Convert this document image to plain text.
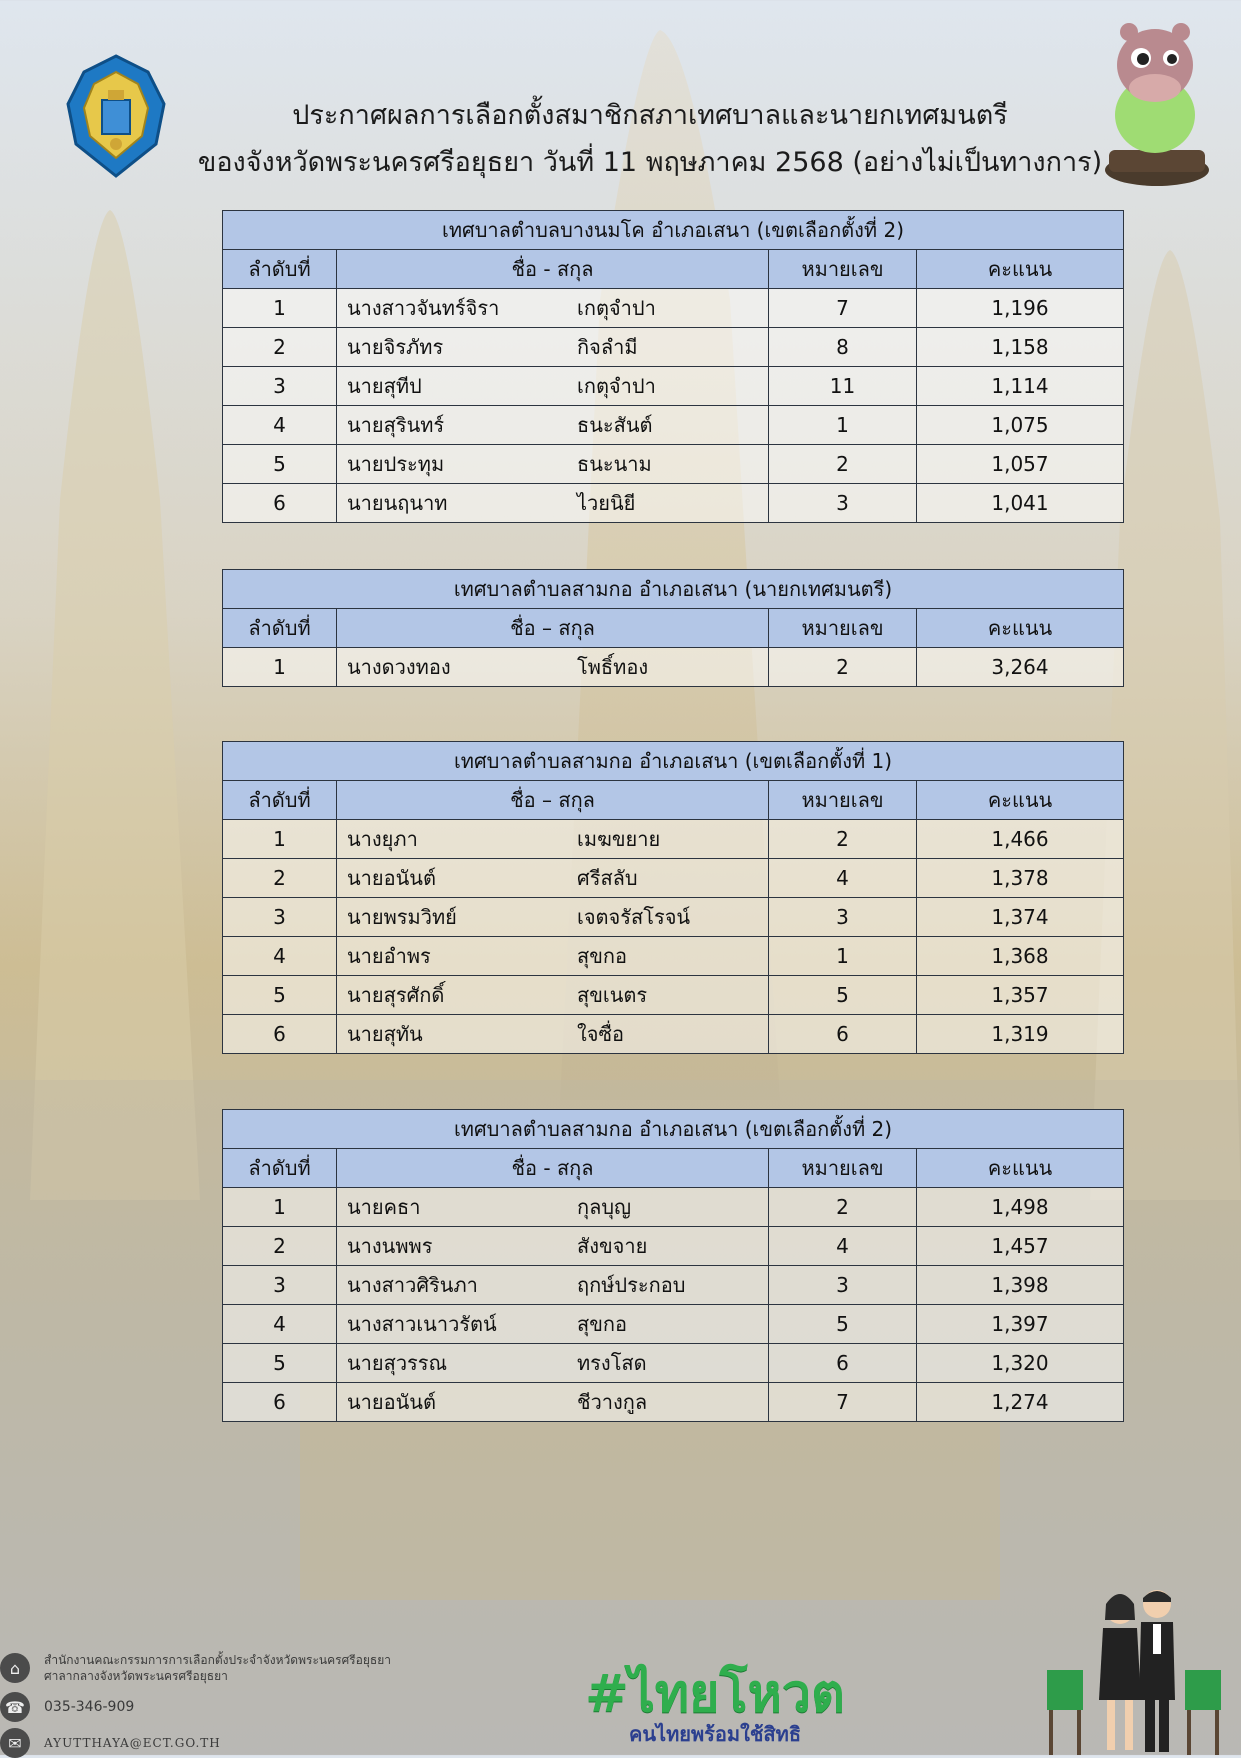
ประกาศผลการเลือกตั้งสมาชิกสภาเทศบาลและนายกเทศมนตรี
ของจังหวัดพระนครศรีอยุธยา วันที่ 11 พฤษภาคม 2568 (อย่างไม่เป็นทางการ)
เทศบาลตำบลบางนมโค อำเภอเสนา (เขตเลือกตั้งที่ 2)			
ลำดับที่	ชื่อ - สกุล	หมายเลข	คะแนน
1	นางสาวจันทร์จิรา เกตุจำปา	7	1,196
2	นายจิรภัทร กิจลำมี	8	1,158
3	นายสุทีป เกตุจำปา	11	1,114
4	นายสุรินทร์ ธนะสันต์	1	1,075
5	นายประทุม ธนะนาม	2	1,057
6	นายนฤนาท ไวยนิยี	3	1,041
เทศบาลตำบลสามกอ อำเภอเสนา (นายกเทศมนตรี)			
ลำดับที่	ชื่อ – สกุล	หมายเลข	คะแนน
1	นางดวงทอง โพธิ์ทอง	2	3,264
เทศบาลตำบลสามกอ อำเภอเสนา (เขตเลือกตั้งที่ 1)			
ลำดับที่	ชื่อ – สกุล	หมายเลข	คะแนน
1	นางยุภา เมฆขยาย	2	1,466
2	นายอนันต์ ศรีสลับ	4	1,378
3	นายพรมวิทย์ เจตจรัสโรจน์	3	1,374
4	นายอำพร สุขกอ	1	1,368
5	นายสุรศักดิ์ สุขเนตร	5	1,357
6	นายสุทัน ใจซื่อ	6	1,319
เทศบาลตำบลสามกอ อำเภอเสนา (เขตเลือกตั้งที่ 2)			
ลำดับที่	ชื่อ - สกุล	หมายเลข	คะแนน
1	นายคธา กุลบุญ	2	1,498
2	นางนพพร สังขจาย	4	1,457
3	นางสาวศิรินภา ฤกษ์ประกอบ	3	1,398
4	นางสาวเนาวรัตน์ สุขกอ	5	1,397
5	นายสุวรรณ ทรงโสด	6	1,320
6	นายอนันต์ ชีวางกูล	7	1,274
⌂	สำนักงานคณะกรรมการการเลือกตั้งประจำจังหวัดพระนครศรีอยุธยา
ศาลากลางจังหวัดพระนครศรีอยุธยา
☎	035-346-909
✉	AYUTTHAYA@ECT.GO.TH
#ไทยโหวต
คนไทยพร้อมใช้สิทธิ
